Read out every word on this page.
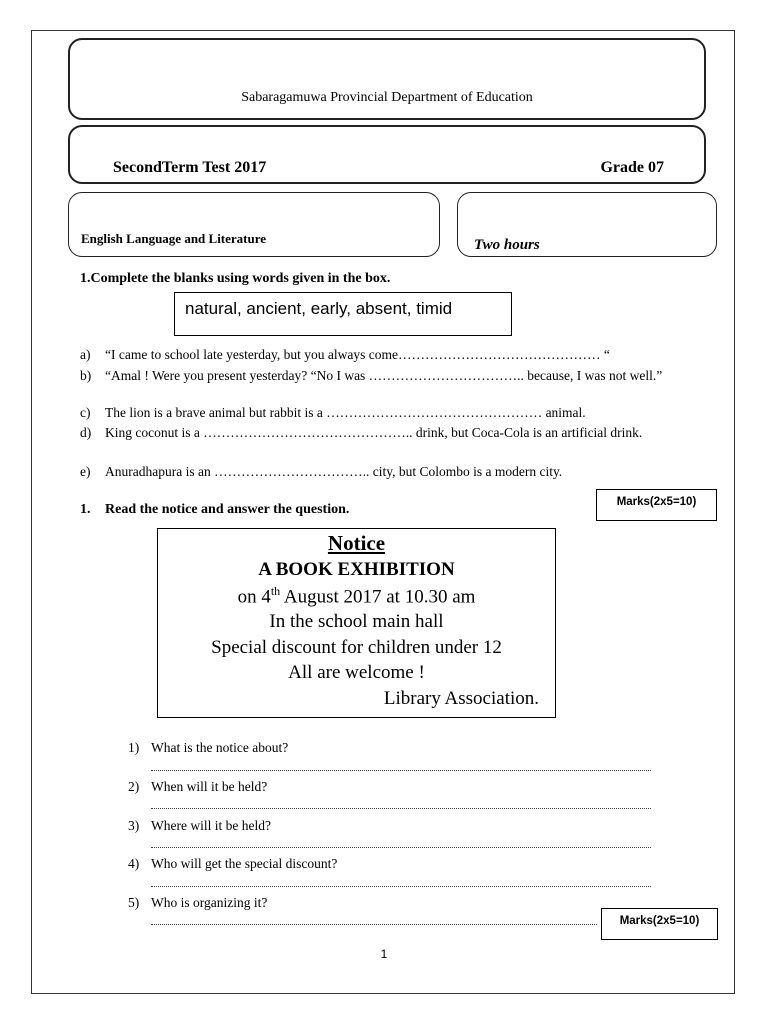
Sabaragamuwa Provincial Department of Education
SecondTerm Test 2017	Grade 07
English Language and Literature	Two hours
1.Complete the blanks using words given in the box.
natural, ancient, early, absent, timid
a) “I came to school late yesterday, but you always come……………………………………… “
b) “Amal ! Were you present yesterday? “No I was …………………………….. because, I was not well.”
c) The lion is a brave animal but rabbit is a ………………………………………… animal.
d) King coconut is a ……………………………………….. drink, but Coca-Cola is an artificial drink.
e) Anuradhapura is an …………………………….. city, but Colombo is a modern city.
1. Read the notice and answer the question.	Marks(2x5=10)
Notice
A BOOK EXHIBITION
on 4th August 2017 at 10.30 am
In the school main hall
Special discount for children under 12
All are welcome !
Library Association.
1) What is the notice about?
2) When will it be held?
3) Where will it be held?
4) Who will get the special discount?
5) Who is organizing it?
Marks(2x5=10)
1
